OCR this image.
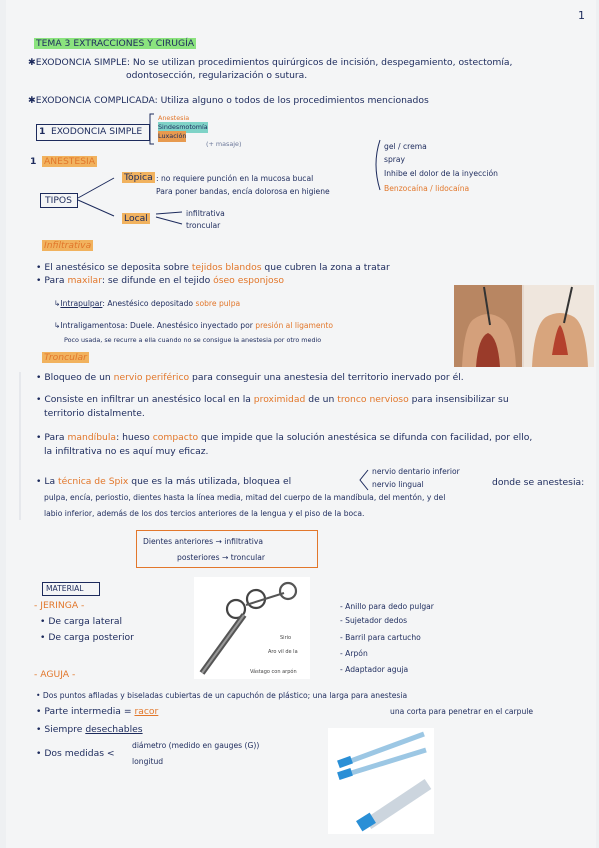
1
TEMA 3 EXTRACCIONES Y CIRUGÍA
✱EXODONCIA SIMPLE: No se utilizan procedimientos quirúrgicos de incisión, despegamiento, ostectomía,
odontosección, regularización o sutura.
✱EXODONCIA COMPLICADA: Utiliza alguno o todos de los procedimientos mencionados
1 EXODONCIA SIMPLE
Anestesia
Sindesmotomía
Luxación
(+ masaje)
1 ANESTESIA
TIPOS
Tópica : no requiere punción en la mucosa bucal
Para poner bandas, encía dolorosa en higiene
Local	infiltrativa
troncular
gel / crema
spray
Inhibe el dolor de la inyección
Benzocaína / lidocaína
Infiltrativa
• El anestésico se deposita sobre tejidos blandos que cubren la zona a tratar
• Para maxilar: se difunde en el tejido óseo esponjoso
↳Intrapulpar: Anestésico depositado sobre pulpa
↳Intraligamentosa: Duele. Anestésico inyectado por presión al ligamento
Poco usada, se recurre a ella cuando no se consigue la anestesia por otro medio
Troncular
• Bloqueo de un nervio periférico para conseguir una anestesia del territorio inervado por él.
• Consiste en infiltrar un anestésico local en la proximidad de un tronco nervioso para insensibilizar su
territorio distalmente.
• Para mandíbula: hueso compacto que impide que la solución anestésica se difunda con facilidad, por ello,
la infiltrativa no es aquí muy eficaz.
• La técnica de Spix que es la más utilizada, bloquea el
nervio dentario inferior
nervio lingual	donde se anestesia:
pulpa, encía, periostio, dientes hasta la línea media, mitad del cuerpo de la mandíbula, del mentón, y del
labio inferior, además de los dos tercios anteriores de la lengua y el piso de la boca.
Dientes anteriores → infiltrativa
posteriores → troncular
MATERIAL
- JERINGA -
• De carga lateral
• De carga posterior	Sirio
Aro vil de la
Vástago con arpón
- Anillo para dedo pulgar
- Sujetador dedos
- Barril para cartucho
- Arpón
- Adaptador aguja
- AGUJA -
• Dos puntos afiladas y biseladas cubiertas de un capuchón de plástico; una larga para anestesia
una corta para penetrar en el carpule
• Parte intermedia = racor
• Siempre desechables
• Dos medidas <
diámetro (medido en gauges (G))
longitud
